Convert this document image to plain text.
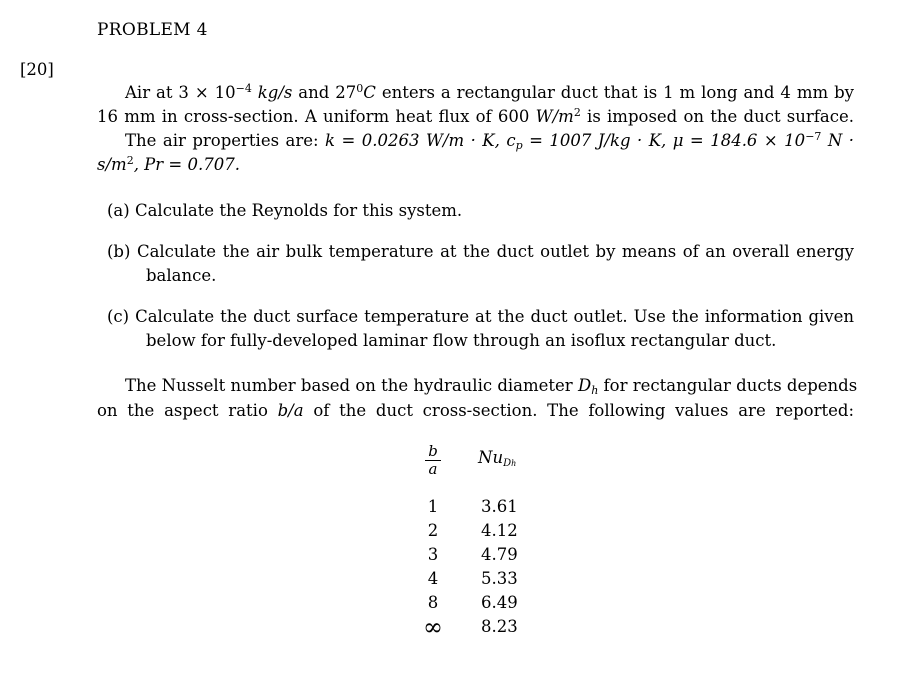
PROBLEM 4
[20]
Air at $3 \times 10^{-4}$ kg/s and $27^0C$ enters a rectangular duct that is 1 m long and 4 mm by
16 mm in cross-section. A uniform heat flux of 600 $W/m^2$ is imposed on the duct surface.
The air properties are: k = 0.0263 W/m · K, $c_p = 1007$ J/kg · K, $\mu = 184.6 \times 10^{-7}$ N ·
$s/m^2$, Pr = 0.707.
(a) Calculate the Reynolds for this system.
(b) Calculate the air bulk temperature at the duct outlet by means of an overall energy
balance.
(c) Calculate the duct surface temperature at the duct outlet. Use the information given
below for fully-developed laminar flow through an isoflux rectangular duct.
The Nusselt number based on the hydraulic diameter $D_h$ for rectangular ducts depends
on the aspect ratio b/a of the duct cross-section. The following values are reported:
b
a
$Nu_{Dh}$
1
2
3
4
8
∞
3.61
4.12
4.79
5.33
6.49
8.23
